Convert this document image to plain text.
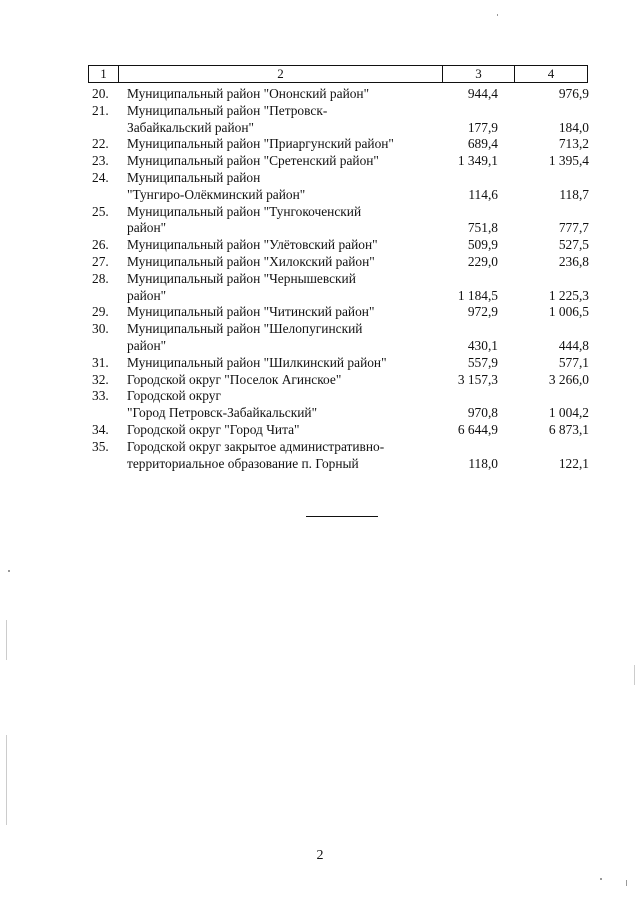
1	2	3	4
20.	Муниципальный район "Ононский район"	944,4	976,9
21.	Муниципальный район "Петровск-
Забайкальский район"	177,9	184,0
22.	Муниципальный район "Приаргунский район"	689,4	713,2
23.	Муниципальный район "Сретенский район"	1 349,1	1 395,4
24.	Муниципальный район
"Тунгиро-Олёкминский район"	114,6	118,7
25.	Муниципальный район "Тунгокоченский
район"	751,8	777,7
26.	Муниципальный район "Улётовский район"	509,9	527,5
27.	Муниципальный район "Хилокский район"	229,0	236,8
28.	Муниципальный район "Чернышевский
район"	1 184,5	1 225,3
29.	Муниципальный район "Читинский район"	972,9	1 006,5
30.	Муниципальный район "Шелопугинский
район"	430,1	444,8
31.	Муниципальный район "Шилкинский район"	557,9	577,1
32.	Городской округ "Поселок Агинское"	3 157,3	3 266,0
33.	Городской округ
"Город Петровск-Забайкальский"	970,8	1 004,2
34.	Городской округ "Город Чита"	6 644,9	6 873,1
35.	Городской округ закрытое административно-
территориальное образование п. Горный	118,0	122,1
2
